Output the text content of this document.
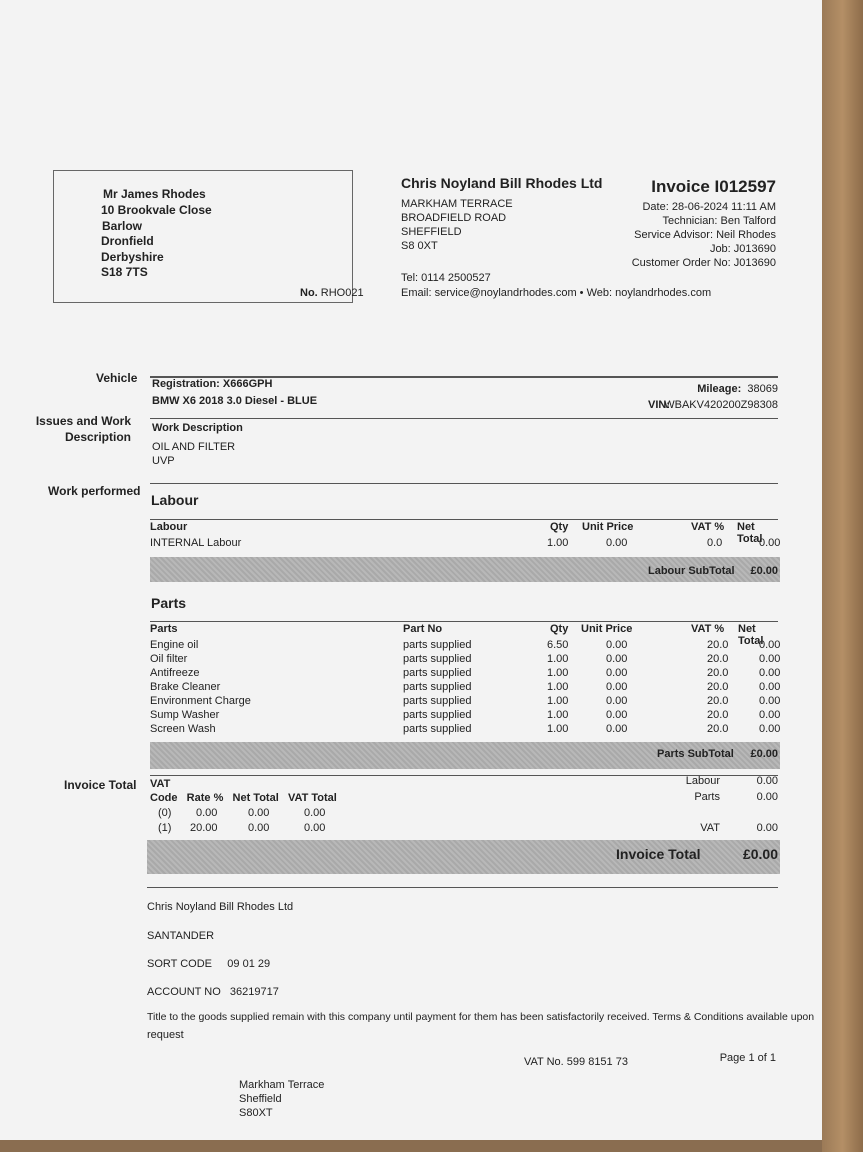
Mr James Rhodes
10 Brookvale Close
Barlow
Dronfield
Derbyshire
S18 7TS
No. RHO021
Chris Noyland Bill Rhodes Ltd
MARKHAM TERRACE
BROADFIELD ROAD
SHEFFIELD
S8 0XT
Tel: 0114 2500527
Email: service@noylandrhodes.com • Web: noylandrhodes.com
Invoice I012597
Date: 28-06-2024 11:11 AM
Technician: Ben Talford
Service Advisor: Neil Rhodes
Job: J013690
Customer Order No: J013690
Vehicle Registration: X666GPH
BMW X6 2018 3.0 Diesel - BLUE
Mileage: 38069
VIN:
WBAKV420200Z98308
Issues and Work
Description
Work Description
OIL AND FILTER
UVP
Work performed
Labour
Labour	Qty Unit Price	VAT % Net Total
INTERNAL Labour	1.00	0.00	0.0	0.00
Labour SubTotal £0.00
Parts
Parts	Part No	Qty Unit Price	VAT % Net Total
Engine oil	parts supplied	6.50	0.00	20.0	0.00
Oil filter	parts supplied	1.00	0.00	20.0	0.00
Antifreeze	parts supplied	1.00	0.00	20.0	0.00
Brake Cleaner	parts supplied	1.00	0.00	20.0	0.00
Environment Charge	parts supplied	1.00	0.00	20.0	0.00
Sump Washer	parts supplied	1.00	0.00	20.0	0.00
Screen Wash	parts supplied	1.00	0.00	20.0	0.00
Parts SubTotal £0.00
Invoice Total VAT
Code Rate % Net Total VAT Total
(0) 0.00	0.00	0.00
(1) 20.00	0.00	0.00
Labour	0.00
Parts	0.00
VAT	0.00
Invoice Total	£0.00
Chris Noyland Bill Rhodes Ltd
SANTANDER
SORT CODE 09 01 29
ACCOUNT NO 36219717
Title to the goods supplied remain with this company until payment for them has been satisfactorily received. Terms & Conditions available upon
request
VAT No. 599 8151 73	Page 1 of 1
Markham Terrace
Sheffield
S80XT
